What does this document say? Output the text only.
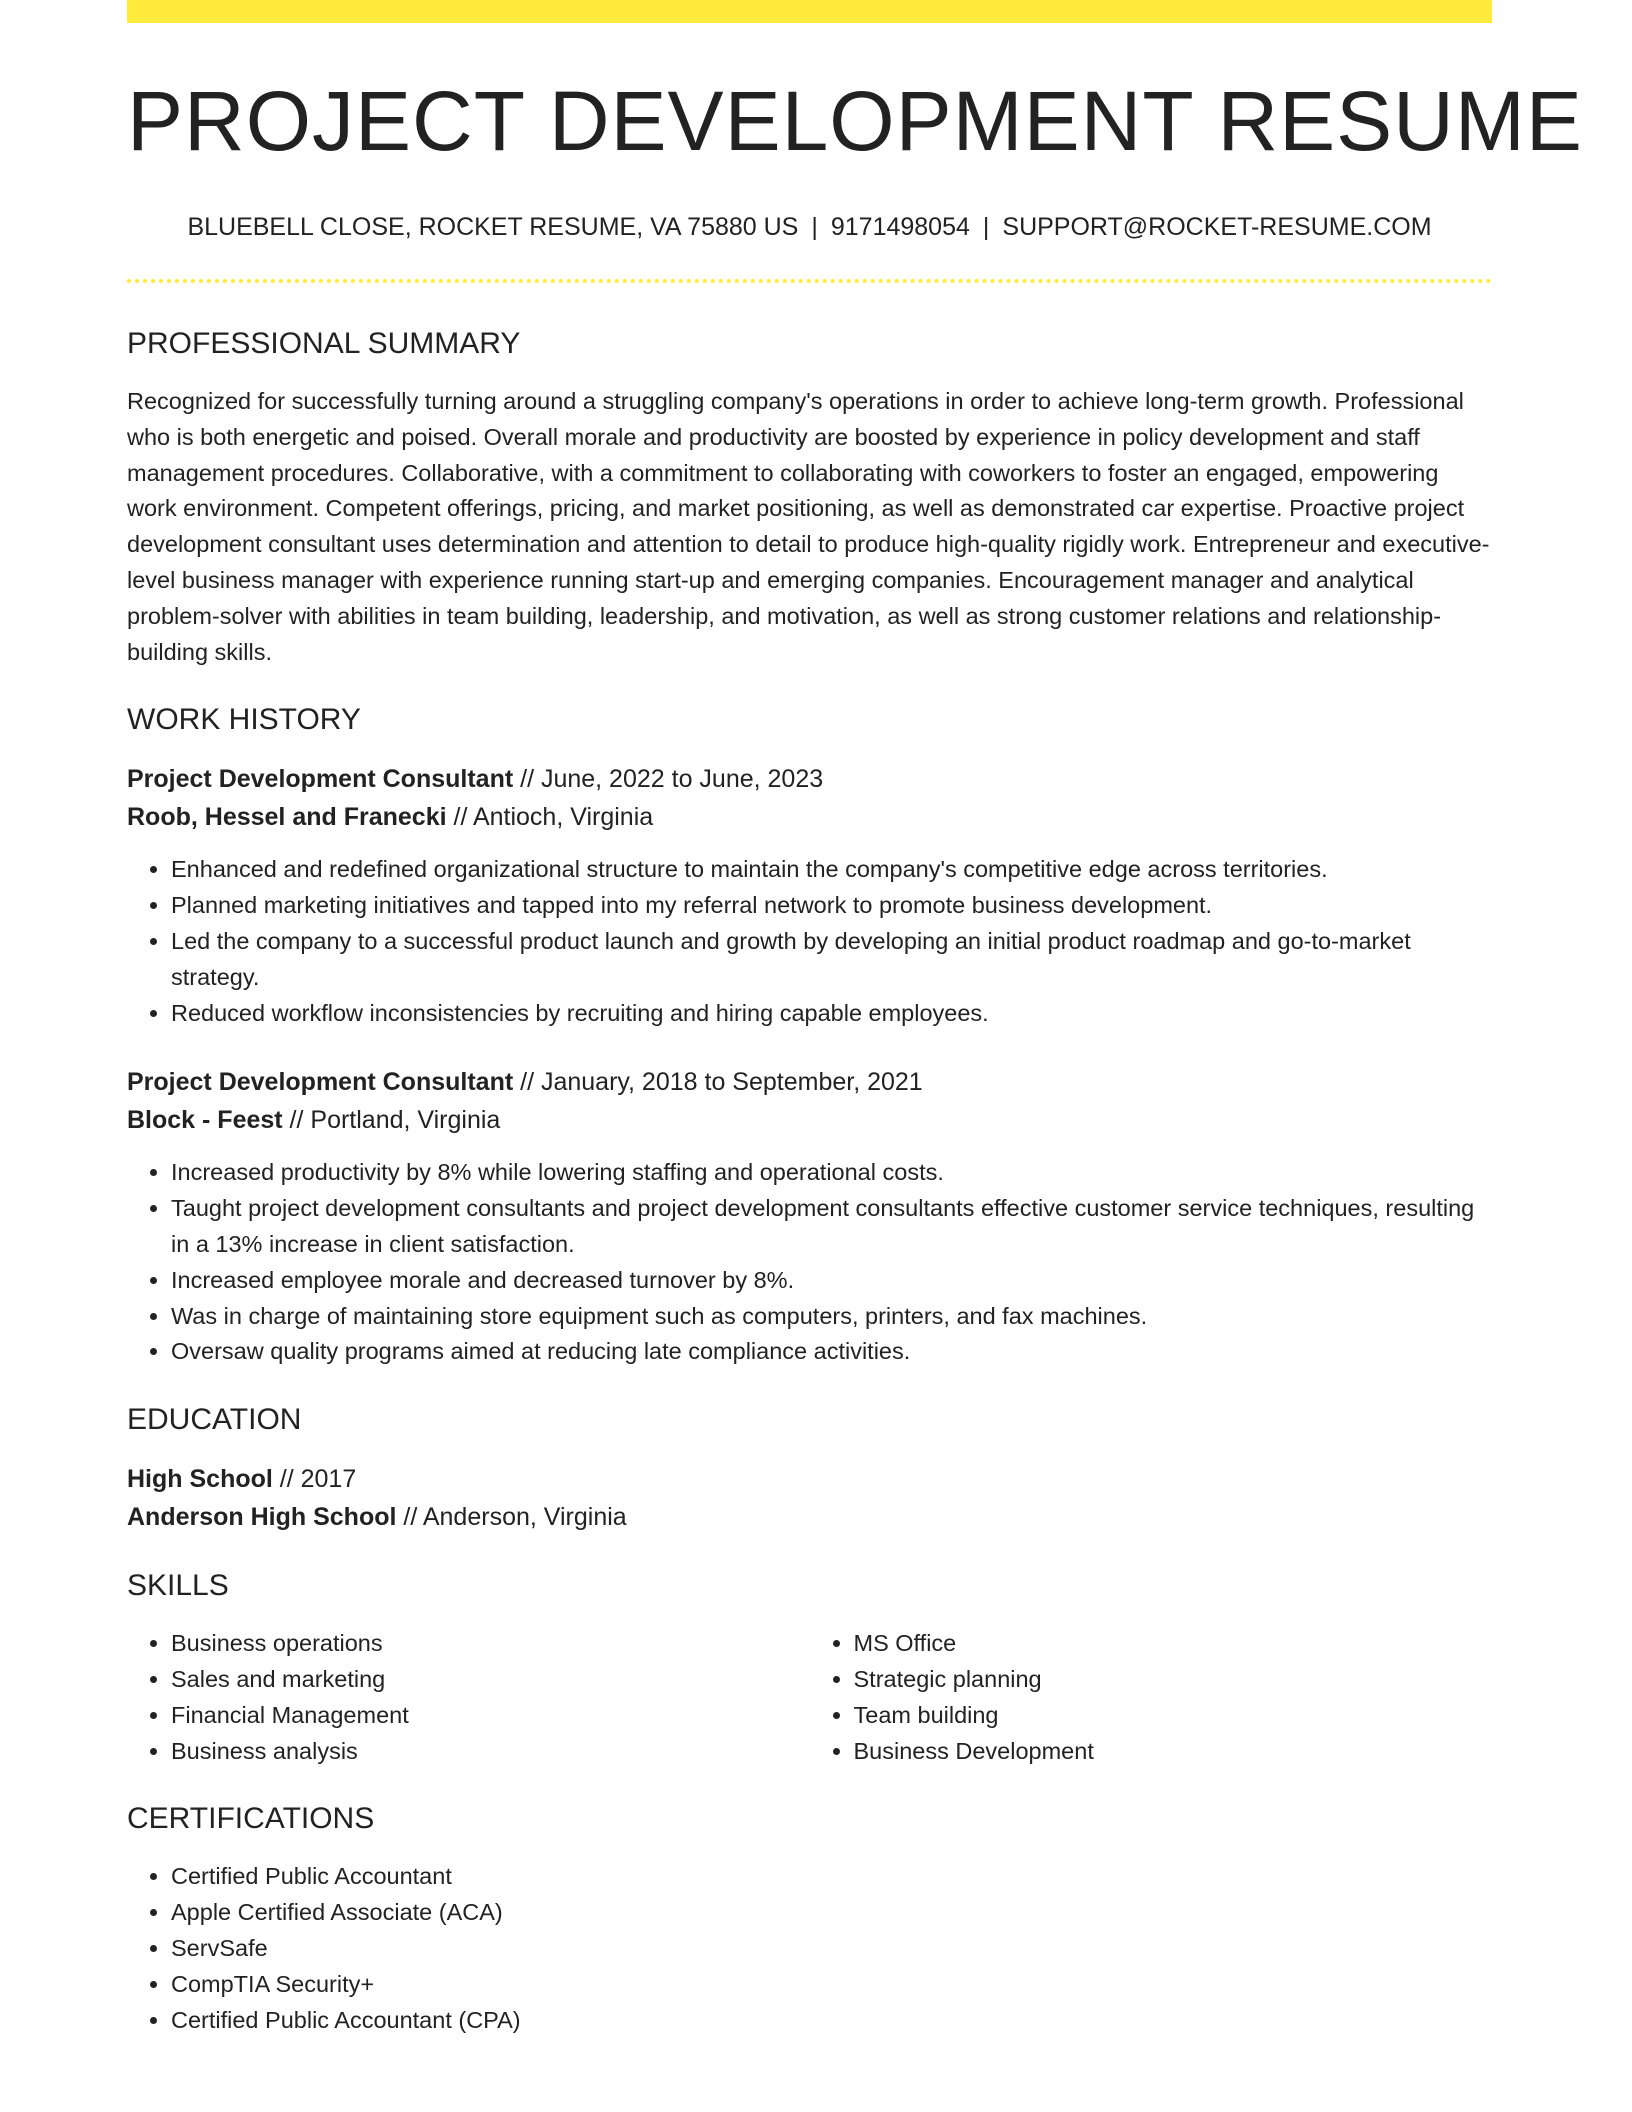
PROJECT DEVELOPMENT RESUME
BLUEBELL CLOSE, ROCKET RESUME, VA 75880 US | 9171498054 | SUPPORT@ROCKET-RESUME.COM
PROFESSIONAL SUMMARY
Recognized for successfully turning around a struggling company's operations in order to achieve long-term growth. Professional who is both energetic and poised. Overall morale and productivity are boosted by experience in policy development and staff management procedures. Collaborative, with a commitment to collaborating with coworkers to foster an engaged, empowering work environment. Competent offerings, pricing, and market positioning, as well as demonstrated car expertise. Proactive project development consultant uses determination and attention to detail to produce high-quality rigidly work. Entrepreneur and executive-level business manager with experience running start-up and emerging companies. Encouragement manager and analytical problem-solver with abilities in team building, leadership, and motivation, as well as strong customer relations and relationship-building skills.
WORK HISTORY
Project Development Consultant // June, 2022 to June, 2023
Roob, Hessel and Franecki // Antioch, Virginia
• Enhanced and redefined organizational structure to maintain the company's competitive edge across territories.
• Planned marketing initiatives and tapped into my referral network to promote business development.
• Led the company to a successful product launch and growth by developing an initial product roadmap and go-to-market strategy.
• Reduced workflow inconsistencies by recruiting and hiring capable employees.
Project Development Consultant // January, 2018 to September, 2021
Block - Feest // Portland, Virginia
• Increased productivity by 8% while lowering staffing and operational costs.
• Taught project development consultants and project development consultants effective customer service techniques, resulting in a 13% increase in client satisfaction.
• Increased employee morale and decreased turnover by 8%.
• Was in charge of maintaining store equipment such as computers, printers, and fax machines.
• Oversaw quality programs aimed at reducing late compliance activities.
EDUCATION
High School // 2017
Anderson High School // Anderson, Virginia
SKILLS
• Business operations
• Sales and marketing
• Financial Management
• Business analysis
• MS Office
• Strategic planning
• Team building
• Business Development
CERTIFICATIONS
• Certified Public Accountant
• Apple Certified Associate (ACA)
• ServSafe
• CompTIA Security+
• Certified Public Accountant (CPA)
